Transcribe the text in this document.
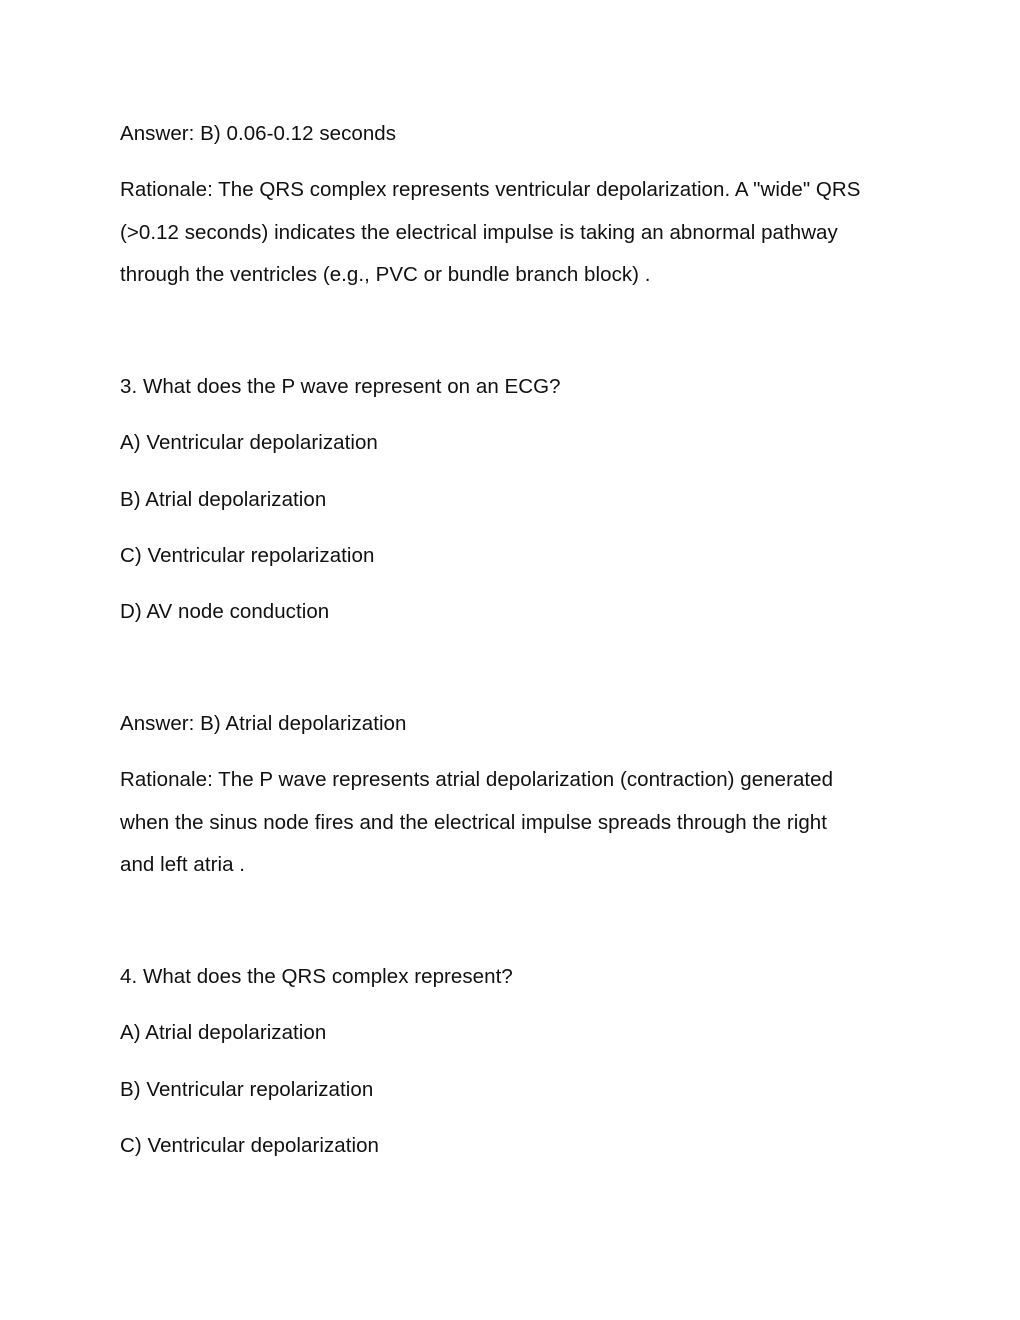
Answer: B) 0.06-0.12 seconds
Rationale: The QRS complex represents ventricular depolarization. A "wide" QRS
(>0.12 seconds) indicates the electrical impulse is taking an abnormal pathway
through the ventricles (e.g., PVC or bundle branch block) .
3. What does the P wave represent on an ECG?
A) Ventricular depolarization
B) Atrial depolarization
C) Ventricular repolarization
D) AV node conduction
Answer: B) Atrial depolarization
Rationale: The P wave represents atrial depolarization (contraction) generated
when the sinus node fires and the electrical impulse spreads through the right
and left atria .
4. What does the QRS complex represent?
A) Atrial depolarization
B) Ventricular repolarization
C) Ventricular depolarization
